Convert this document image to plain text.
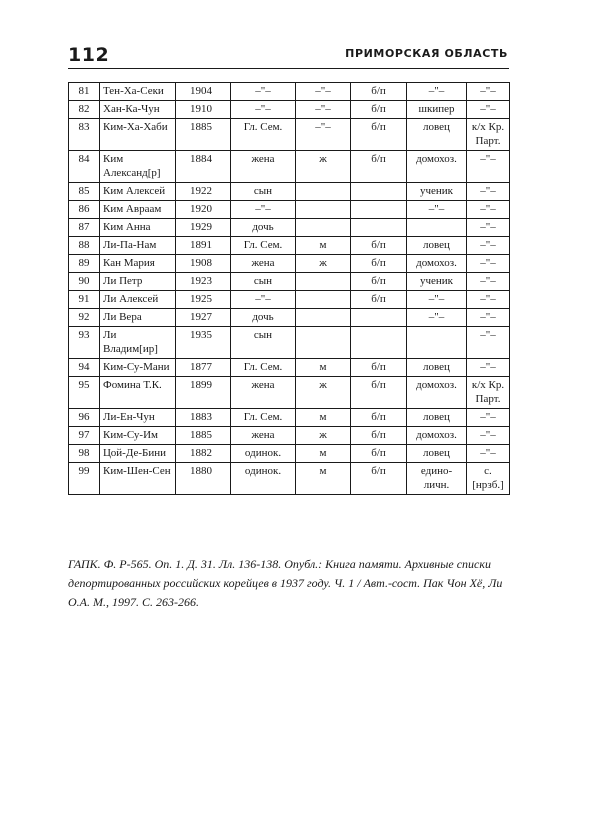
112	ПРИМОРСКАЯ ОБЛАСТЬ
81	Тен-Ха-Секи	1904	–"–	–"–	б/п	–"–	–"–
82	Хан-Ка-Чун	1910	–"–	–"–	б/п	шкипер	–"–
83	Ким-Ха-Хаби	1885	Гл. Сем.	–"–	б/п	ловец	к/х Кр. Парт.
84	Ким Александ[р]	1884	жена	ж	б/п	домохоз.	–"–
85	Ким Алексей	1922	сын			ученик	–"–
86	Ким Авраам	1920	–"–			–"–	–"–
87	Ким Анна	1929	дочь				–"–
88	Ли-Па-Нам	1891	Гл. Сем.	м	б/п	ловец	–"–
89	Кан Мария	1908	жена	ж	б/п	домохоз.	–"–
90	Ли Петр	1923	сын		б/п	ученик	–"–
91	Ли Алексей	1925	–"–		б/п	–"–	–"–
92	Ли Вера	1927	дочь			–"–	–"–
93	Ли Владим[ир]	1935	сын				–"–
94	Ким-Су-Мани	1877	Гл. Сем.	м	б/п	ловец	–"–
95	Фомина Т.К.	1899	жена	ж	б/п	домохоз.	к/х Кр. Парт.
96	Ли-Ен-Чун	1883	Гл. Сем.	м	б/п	ловец	–"–
97	Ким-Су-Им	1885	жена	ж	б/п	домохоз.	–"–
98	Цой-Де-Бини	1882	одинок.	м	б/п	ловец	–"–
99	Ким-Шен-Сен	1880	одинок.	м	б/п	едино- личн.	с. [нрзб.]

ГАПК. Ф. Р-565. Оп. 1. Д. 31. Лл. 136-138. Опубл.: Книга памяти. Архивные списки депортированных российских корейцев в 1937 году. Ч. 1 / Авт.-сост. Пак Чон Хё, Ли О.А. М., 1997. С. 263-266.
